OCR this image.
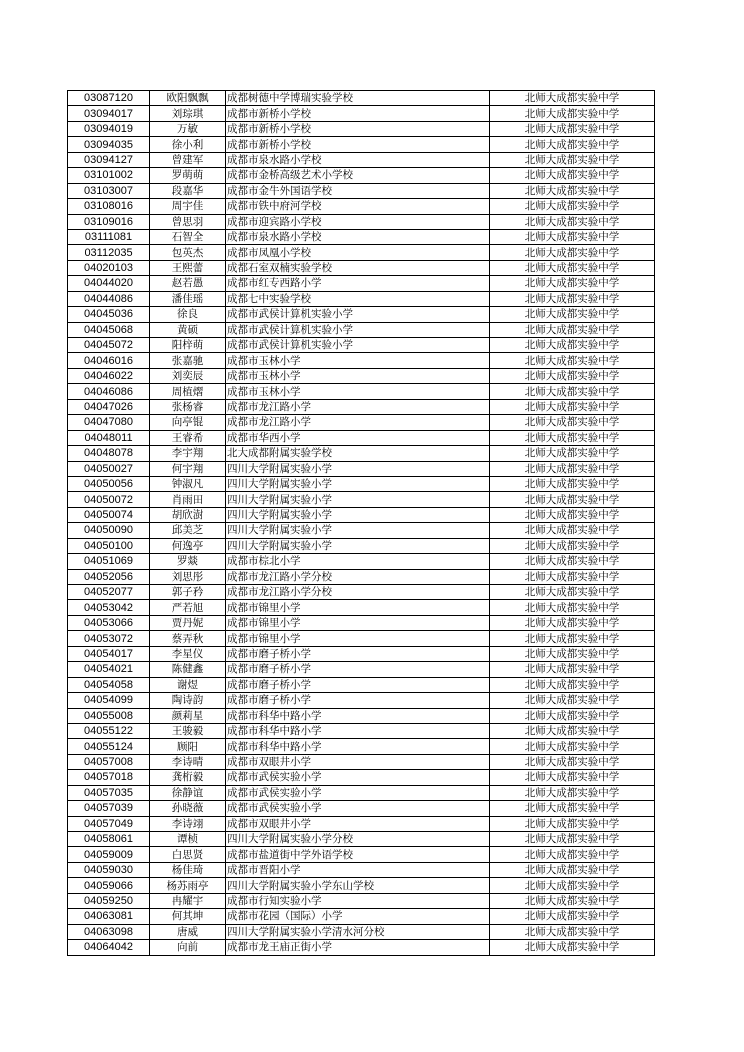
03087120	欧阳飘飘	成都树德中学博瑞实验学校	北师大成都实验中学
03094017	刘琮琪	成都市新桥小学校	北师大成都实验中学
03094019	万敏	成都市新桥小学校	北师大成都实验中学
03094035	徐小利	成都市新桥小学校	北师大成都实验中学
03094127	曾建军	成都市泉水路小学校	北师大成都实验中学
03101002	罗萌萌	成都市金桥高级艺术小学校	北师大成都实验中学
03103007	段嘉华	成都市金牛外国语学校	北师大成都实验中学
03108016	周宇佳	成都市铁中府河学校	北师大成都实验中学
03109016	曾思羽	成都市迎宾路小学校	北师大成都实验中学
03111081	石智全	成都市泉水路小学校	北师大成都实验中学
03112035	包英杰	成都市凤凰小学校	北师大成都实验中学
04020103	王熙蕾	成都石室双楠实验学校	北师大成都实验中学
04044020	赵若愚	成都市红专西路小学	北师大成都实验中学
04044086	潘佳瑶	成都七中实验学校	北师大成都实验中学
04045036	徐良	成都市武侯计算机实验小学	北师大成都实验中学
04045068	黄硕	成都市武侯计算机实验小学	北师大成都实验中学
04045072	阳梓萌	成都市武侯计算机实验小学	北师大成都实验中学
04046016	张嘉驰	成都市玉林小学	北师大成都实验中学
04046022	刘奕辰	成都市玉林小学	北师大成都实验中学
04046086	周植熠	成都市玉林小学	北师大成都实验中学
04047026	张杨睿	成都市龙江路小学	北师大成都实验中学
04047080	向亭锟	成都市龙江路小学	北师大成都实验中学
04048011	王睿希	成都市华西小学	北师大成都实验中学
04048078	李宇翔	北大成都附属实验学校	北师大成都实验中学
04050027	何宇翔	四川大学附属实验小学	北师大成都实验中学
04050056	钟淑凡	四川大学附属实验小学	北师大成都实验中学
04050072	肖雨田	四川大学附属实验小学	北师大成都实验中学
04050074	胡欣澍	四川大学附属实验小学	北师大成都实验中学
04050090	邱美芝	四川大学附属实验小学	北师大成都实验中学
04050100	何逸亭	四川大学附属实验小学	北师大成都实验中学
04051069	罗燚	成都市棕北小学	北师大成都实验中学
04052056	刘思彤	成都市龙江路小学分校	北师大成都实验中学
04052077	郭子矜	成都市龙江路小学分校	北师大成都实验中学
04053042	严若旭	成都市锦里小学	北师大成都实验中学
04053066	贾丹妮	成都市锦里小学	北师大成都实验中学
04053072	蔡弄秋	成都市锦里小学	北师大成都实验中学
04054017	李星仪	成都市磨子桥小学	北师大成都实验中学
04054021	陈健鑫	成都市磨子桥小学	北师大成都实验中学
04054058	谢煜	成都市磨子桥小学	北师大成都实验中学
04054099	陶诗韵	成都市磨子桥小学	北师大成都实验中学
04055008	颜莉星	成都市科华中路小学	北师大成都实验中学
04055122	王骏毅	成都市科华中路小学	北师大成都实验中学
04055124	顾阳	成都市科华中路小学	北师大成都实验中学
04057008	李诗晴	成都市双眼井小学	北师大成都实验中学
04057018	龚桁毅	成都市武侯实验小学	北师大成都实验中学
04057035	徐静谊	成都市武侯实验小学	北师大成都实验中学
04057039	孙晓薇	成都市武侯实验小学	北师大成都实验中学
04057049	李诗翊	成都市双眼井小学	北师大成都实验中学
04058061	谭桢	四川大学附属实验小学分校	北师大成都实验中学
04059009	白思贤	成都市盐道街中学外语学校	北师大成都实验中学
04059030	杨佳琦	成都市晋阳小学	北师大成都实验中学
04059066	杨苏雨亭	四川大学附属实验小学东山学校	北师大成都实验中学
04059250	冉耀宇	成都市行知实验小学	北师大成都实验中学
04063081	何其坤	成都市花园（国际）小学	北师大成都实验中学
04063098	唐威	四川大学附属实验小学清水河分校	北师大成都实验中学
04064042	向前	成都市龙王庙正街小学	北师大成都实验中学
